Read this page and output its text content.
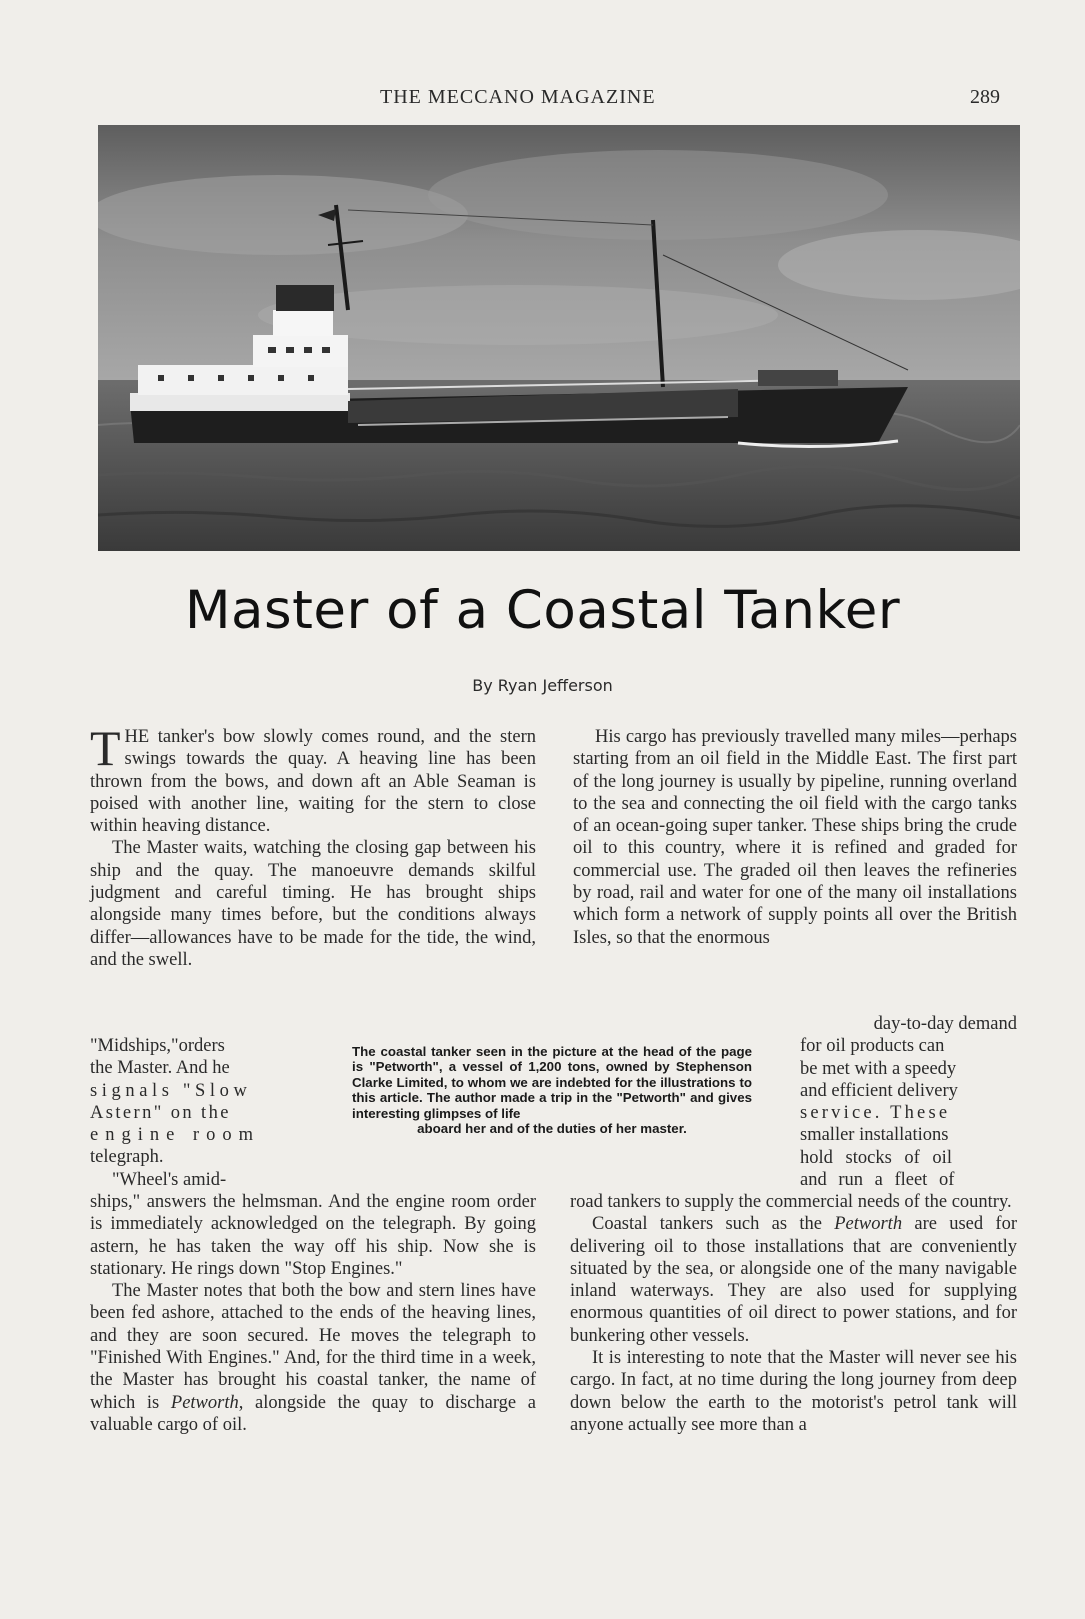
THE MECCANO MAGAZINE	289
Master of a Coastal Tanker
By Ryan Jefferson

THE tanker's bow slowly comes round, and the stern swings towards the quay. A heaving line has been thrown from the bows, and down aft an Able Seaman is poised with another line, waiting for the stern to close within heaving distance.

The Master waits, watching the closing gap between his ship and the quay. The manoeuvre demands skilful judgment and careful timing. He has brought ships alongside many times before, but the conditions always differ—allowances have to be made for the tide, the wind, and the swell.

"Midships,"orders

the Master. And he

signals "Slow

Astern" on the

engine room

telegraph.

"Wheel's amid-

The coastal tanker seen in the picture at the head of the page is "Petworth", a vessel of 1,200 tons, owned by Stephenson Clarke Limited, to whom we are indebted for the illustrations to this article. The author made a trip in the "Petworth" and gives interesting glimpses of life
aboard her and of the duties of her master.

ships," answers the helmsman. And the engine room order is immediately acknowledged on the telegraph. By going astern, he has taken the way off his ship. Now she is stationary. He rings down "Stop Engines."

The Master notes that both the bow and stern lines have been fed ashore, attached to the ends of the heaving lines, and they are soon secured. He moves the telegraph to "Finished With Engines." And, for the third time in a week, the Master has brought his coastal tanker, the name of which is Petworth, alongside the quay to discharge a valuable cargo of oil.

His cargo has previously travelled many miles—perhaps starting from an oil field in the Middle East. The first part of the long journey is usually by pipeline, running overland to the sea and connecting the oil field with the cargo tanks of an ocean-going super tanker. These ships bring the crude oil to this country, where it is refined and graded for commercial use. The graded oil then leaves the refineries by road, rail and water for one of the many oil installations which form a network of supply points all over the British Isles, so that the enormous

day-to-day demand

for oil products can

be met with a speedy

and efficient delivery

service. These

smaller installations

hold stocks of oil

and run a fleet of

road tankers to supply the commercial needs of the country.

Coastal tankers such as the Petworth are used for delivering oil to those installations that are conveniently situated by the sea, or alongside one of the many navigable inland waterways. They are also used for supplying enormous quantities of oil direct to power stations, and for bunkering other vessels.

It is interesting to note that the Master will never see his cargo. In fact, at no time during the long journey from deep down below the earth to the motorist's petrol tank will anyone actually see more than a
